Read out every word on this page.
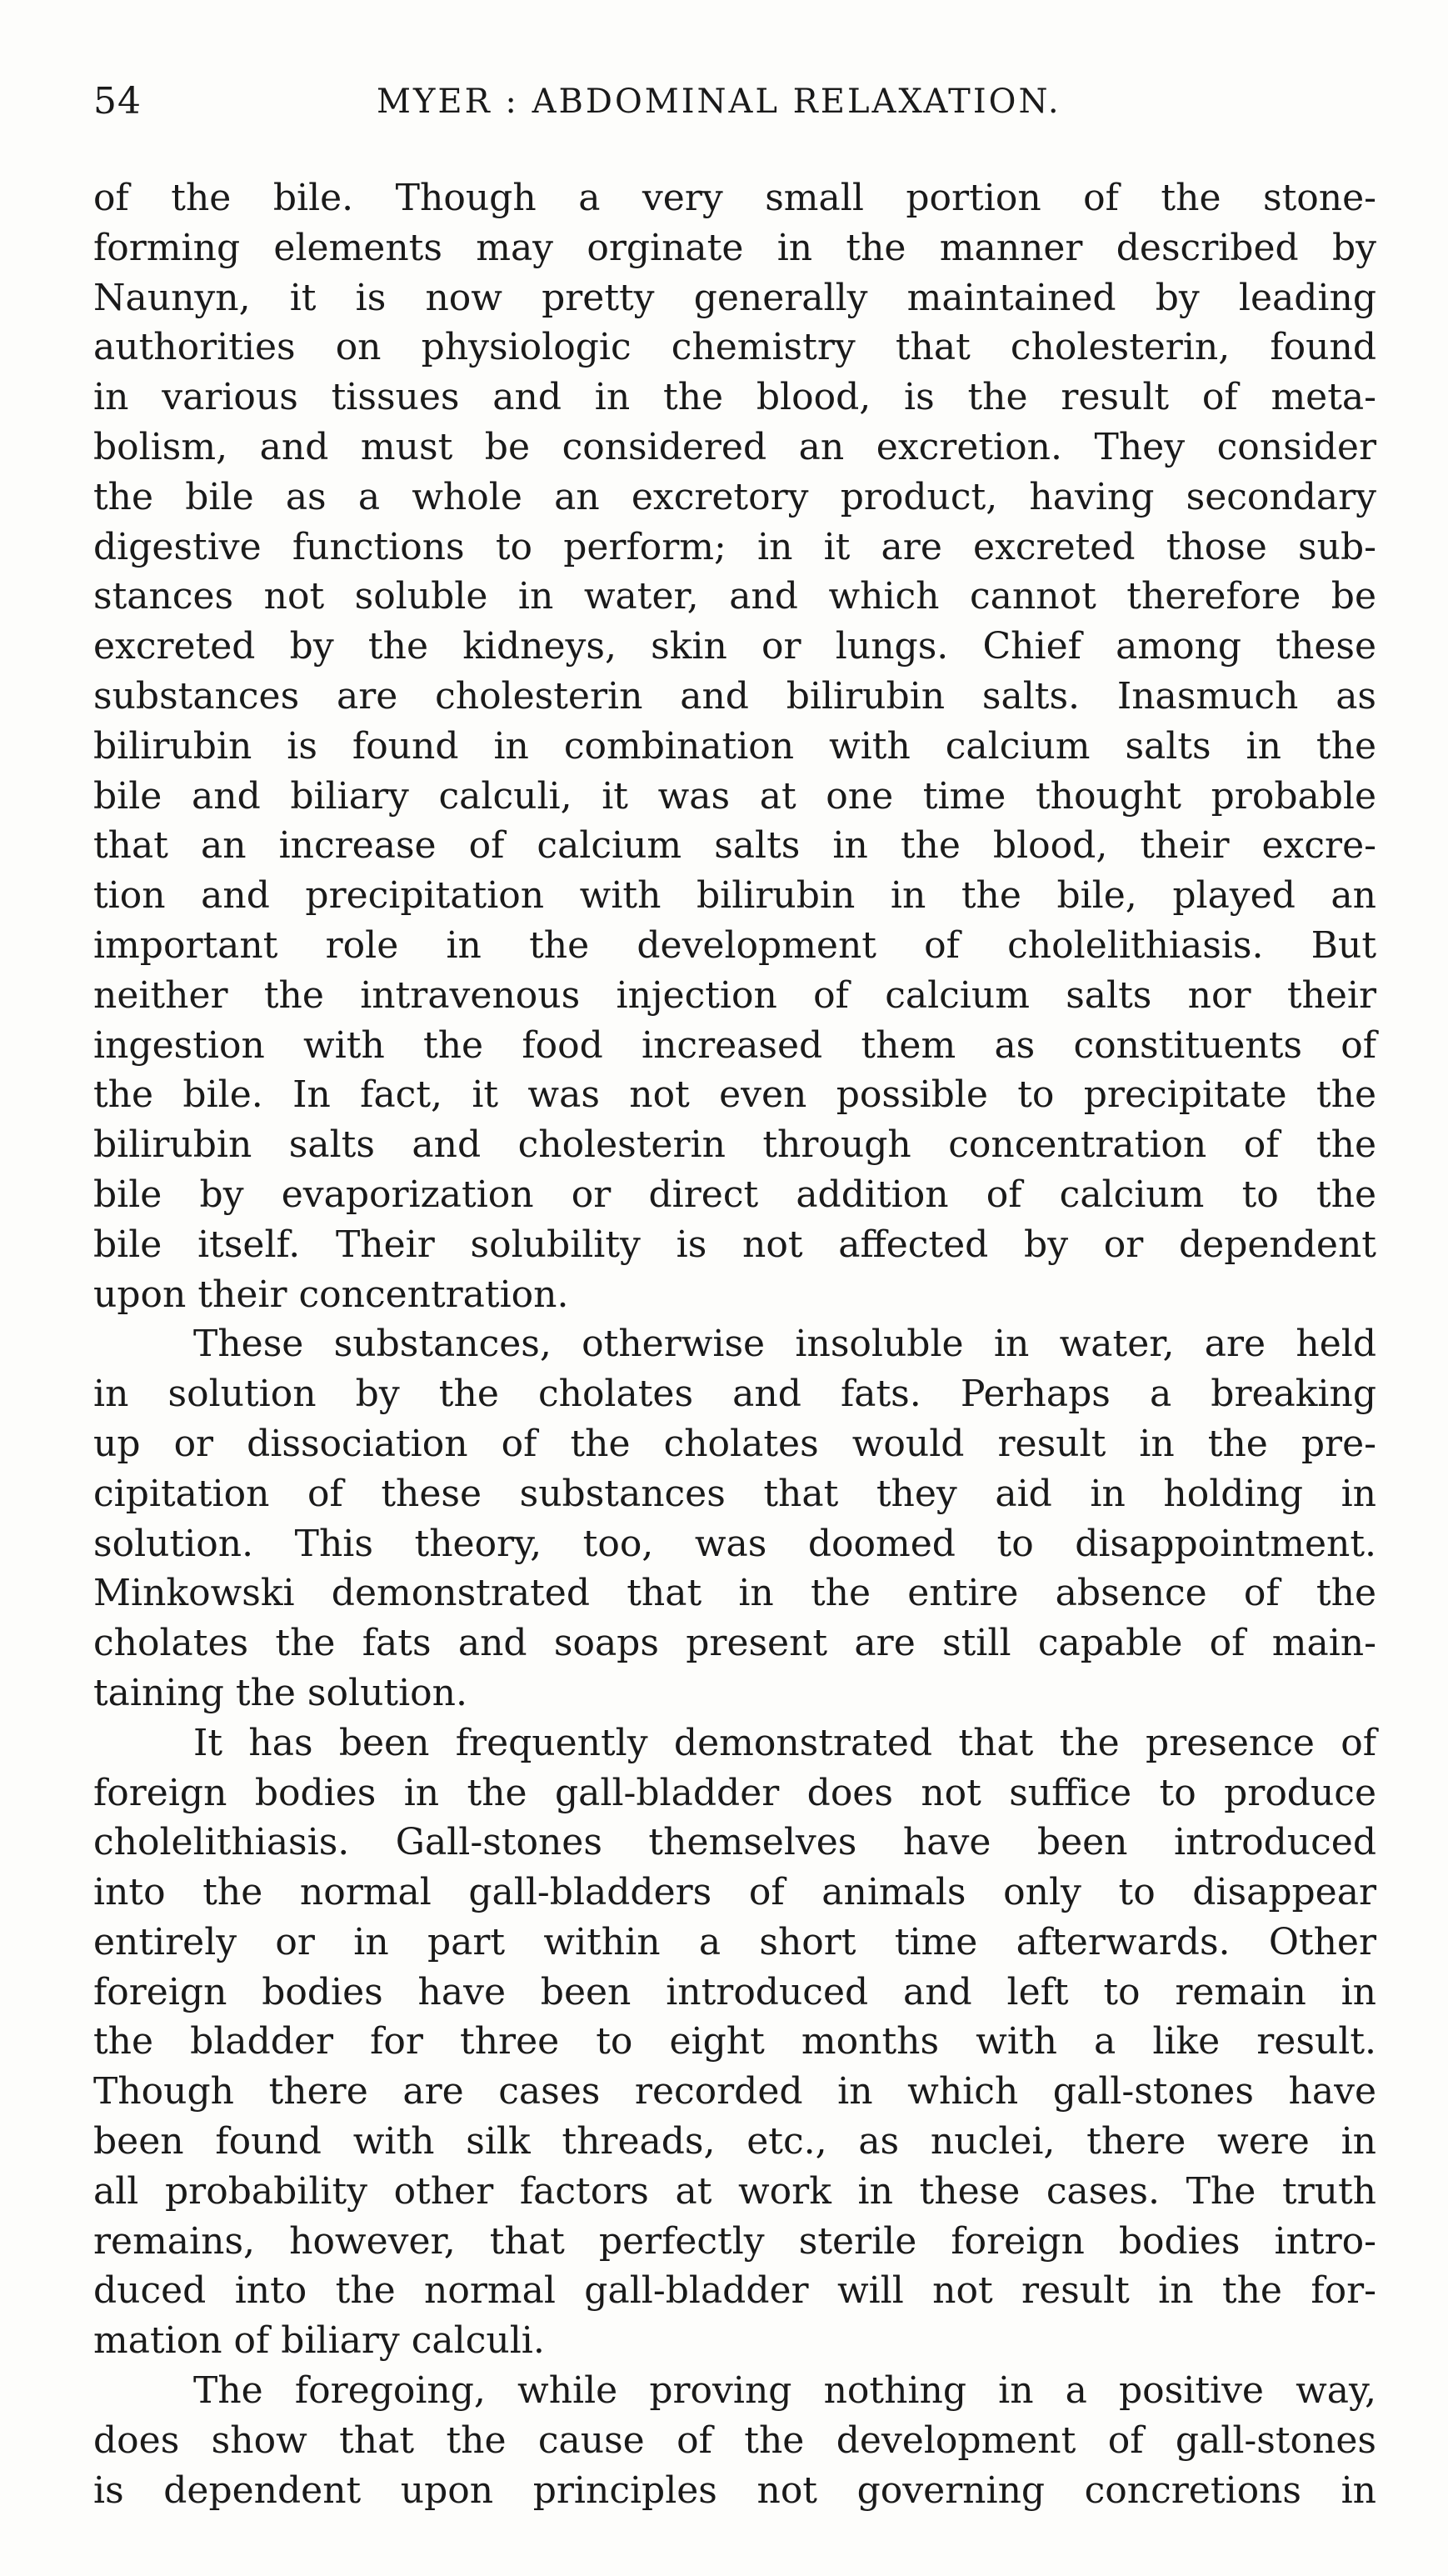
54	MYER : ABDOMINAL RELAXATION.
of the bile. Though a very small portion of the stone-
forming elements may orginate in the manner described by
Naunyn, it is now pretty generally maintained by leading
authorities on physiologic chemistry that cholesterin, found
in various tissues and in the blood, is the result of meta-
bolism, and must be considered an excretion. They consider
the bile as a whole an excretory product, having secondary
digestive functions to perform; in it are excreted those sub-
stances not soluble in water, and which cannot therefore be
excreted by the kidneys, skin or lungs. Chief among these
substances are cholesterin and bilirubin salts. Inasmuch as
bilirubin is found in combination with calcium salts in the
bile and biliary calculi, it was at one time thought probable
that an increase of calcium salts in the blood, their excre-
tion and precipitation with bilirubin in the bile, played an
important role in the development of cholelithiasis. But
neither the intravenous injection of calcium salts nor their
ingestion with the food increased them as constituents of
the bile. In fact, it was not even possible to precipitate the
bilirubin salts and cholesterin through concentration of the
bile by evaporization or direct addition of calcium to the
bile itself. Their solubility is not affected by or dependent
upon their concentration.
These substances, otherwise insoluble in water, are held
in solution by the cholates and fats. Perhaps a breaking
up or dissociation of the cholates would result in the pre-
cipitation of these substances that they aid in holding in
solution. This theory, too, was doomed to disappointment.
Minkowski demonstrated that in the entire absence of the
cholates the fats and soaps present are still capable of main-
taining the solution.
It has been frequently demonstrated that the presence of
foreign bodies in the gall-bladder does not suffice to produce
cholelithiasis. Gall-stones themselves have been introduced
into the normal gall-bladders of animals only to disappear
entirely or in part within a short time afterwards. Other
foreign bodies have been introduced and left to remain in
the bladder for three to eight months with a like result.
Though there are cases recorded in which gall-stones have
been found with silk threads, etc., as nuclei, there were in
all probability other factors at work in these cases. The truth
remains, however, that perfectly sterile foreign bodies intro-
duced into the normal gall-bladder will not result in the for-
mation of biliary calculi.
The foregoing, while proving nothing in a positive way,
does show that the cause of the development of gall-stones
is dependent upon principles not governing concretions in
